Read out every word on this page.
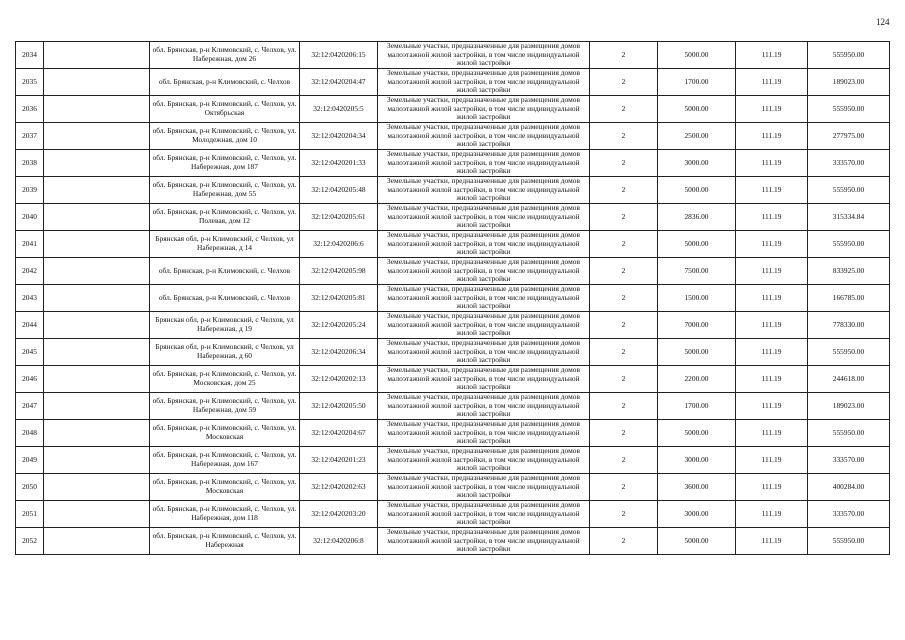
124
2034		обл. Брянская, р-н Климовский, с. Челхов, ул. Набережная, дом 26	32:12:0420206:15	Земельные участки, предназначенные для размещения домов малоэтажной жилой застройки, в том числе индивидуальной жилой застройки	2	5000.00	111.19	555950.00
2035		обл. Брянская, р-н Климовский, с. Челхов	32:12:0420204:47	Земельные участки, предназначенные для размещения домов малоэтажной жилой застройки, в том числе индивидуальной жилой застройки	2	1700.00	111.19	189023.00
2036		обл. Брянская, р-н Климовский, с. Челхов, ул. Октябрьская	32:12:0420205:5	Земельные участки, предназначенные для размещения домов малоэтажной жилой застройки, в том числе индивидуальной жилой застройки	2	5000.00	111.19	555950.00
2037		обл. Брянская, р-н Климовский, с. Челхов, ул. Молодежная, дом 10	32:12:0420204:34	Земельные участки, предназначенные для размещения домов малоэтажной жилой застройки, в том числе индивидуальной жилой застройки	2	2500.00	111.19	277975.00
2038		обл. Брянская, р-н Климовский, с. Челхов, ул. Набережная, дом 187	32:12:0420201:33	Земельные участки, предназначенные для размещения домов малоэтажной жилой застройки, в том числе индивидуальной жилой застройки	2	3000.00	111.19	333570.00
2039		обл. Брянская, р-н Климовский, с. Челхов, ул. Набережная, дом 55	32:12:0420205:48	Земельные участки, предназначенные для размещения домов малоэтажной жилой застройки, в том числе индивидуальной жилой застройки	2	5000.00	111.19	555950.00
2040		обл. Брянская, р-н Климовский, с. Челхов, ул. Полевая, дом 12	32:12:0420205:61	Земельные участки, предназначенные для размещения домов малоэтажной жилой застройки, в том числе индивидуальной жилой застройки	2	2836.00	111.19	315334.84
2041		Брянская обл, р-н Климовский, с Челхов, ул Набережная, д 14	32:12:0420206:6	Земельные участки, предназначенные для размещения домов малоэтажной жилой застройки, в том числе индивидуальной жилой застройки	2	5000.00	111.19	555950.00
2042		обл. Брянская, р-н Климовский, с. Челхов	32:12:0420205:98	Земельные участки, предназначенные для размещения домов малоэтажной жилой застройки, в том числе индивидуальной жилой застройки	2	7500.00	111.19	833925.00
2043		обл. Брянская, р-н Климовский, с. Челхов	32:12:0420205:81	Земельные участки, предназначенные для размещения домов малоэтажной жилой застройки, в том числе индивидуальной жилой застройки	2	1500.00	111.19	166785.00
2044		Брянская обл, р-н Климовский, с Челхов, ул Набережная, д 19	32:12:0420205:24	Земельные участки, предназначенные для размещения домов малоэтажной жилой застройки, в том числе индивидуальной жилой застройки	2	7000.00	111.19	778330.00
2045		Брянская обл, р-н Климовский, с Челхов, ул Набережная, д 60	32:12:0420206:34	Земельные участки, предназначенные для размещения домов малоэтажной жилой застройки, в том числе индивидуальной жилой застройки	2	5000.00	111.19	555950.00
2046		обл. Брянская, р-н Климовский, с. Челхов, ул. Московская, дом 25	32:12:0420202:13	Земельные участки, предназначенные для размещения домов малоэтажной жилой застройки, в том числе индивидуальной жилой застройки	2	2200.00	111.19	244618.00
2047		обл. Брянская, р-н Климовский, с. Челхов, ул. Набережная, дом 59	32:12:0420205:50	Земельные участки, предназначенные для размещения домов малоэтажной жилой застройки, в том числе индивидуальной жилой застройки	2	1700.00	111.19	189023.00
2048		обл. Брянская, р-н Климовский, с. Челхов, ул. Московская	32:12:0420204:67	Земельные участки, предназначенные для размещения домов малоэтажной жилой застройки, в том числе индивидуальной жилой застройки	2	5000.00	111.19	555950.00
2049		обл. Брянская, р-н Климовский, с. Челхов, ул. Набережная, дом 167	32:12:0420201:23	Земельные участки, предназначенные для размещения домов малоэтажной жилой застройки, в том числе индивидуальной жилой застройки	2	3000.00	111.19	333570.00
2050		обл. Брянская, р-н Климовский, с. Челхов, ул. Московская	32:12:0420202:63	Земельные участки, предназначенные для размещения домов малоэтажной жилой застройки, в том числе индивидуальной жилой застройки	2	3600.00	111.19	400284.00
2051		обл. Брянская, р-н Климовский, с. Челхов, ул. Набережная, дом 118	32:12:0420203:20	Земельные участки, предназначенные для размещения домов малоэтажной жилой застройки, в том числе индивидуальной жилой застройки	2	3000.00	111.19	333570.00
2052		обл. Брянская, р-н Климовский, с. Челхов, ул. Набережная	32:12:0420206:8	Земельные участки, предназначенные для размещения домов малоэтажной жилой застройки, в том числе индивидуальной жилой застройки	2	5000.00	111.19	555950.00
